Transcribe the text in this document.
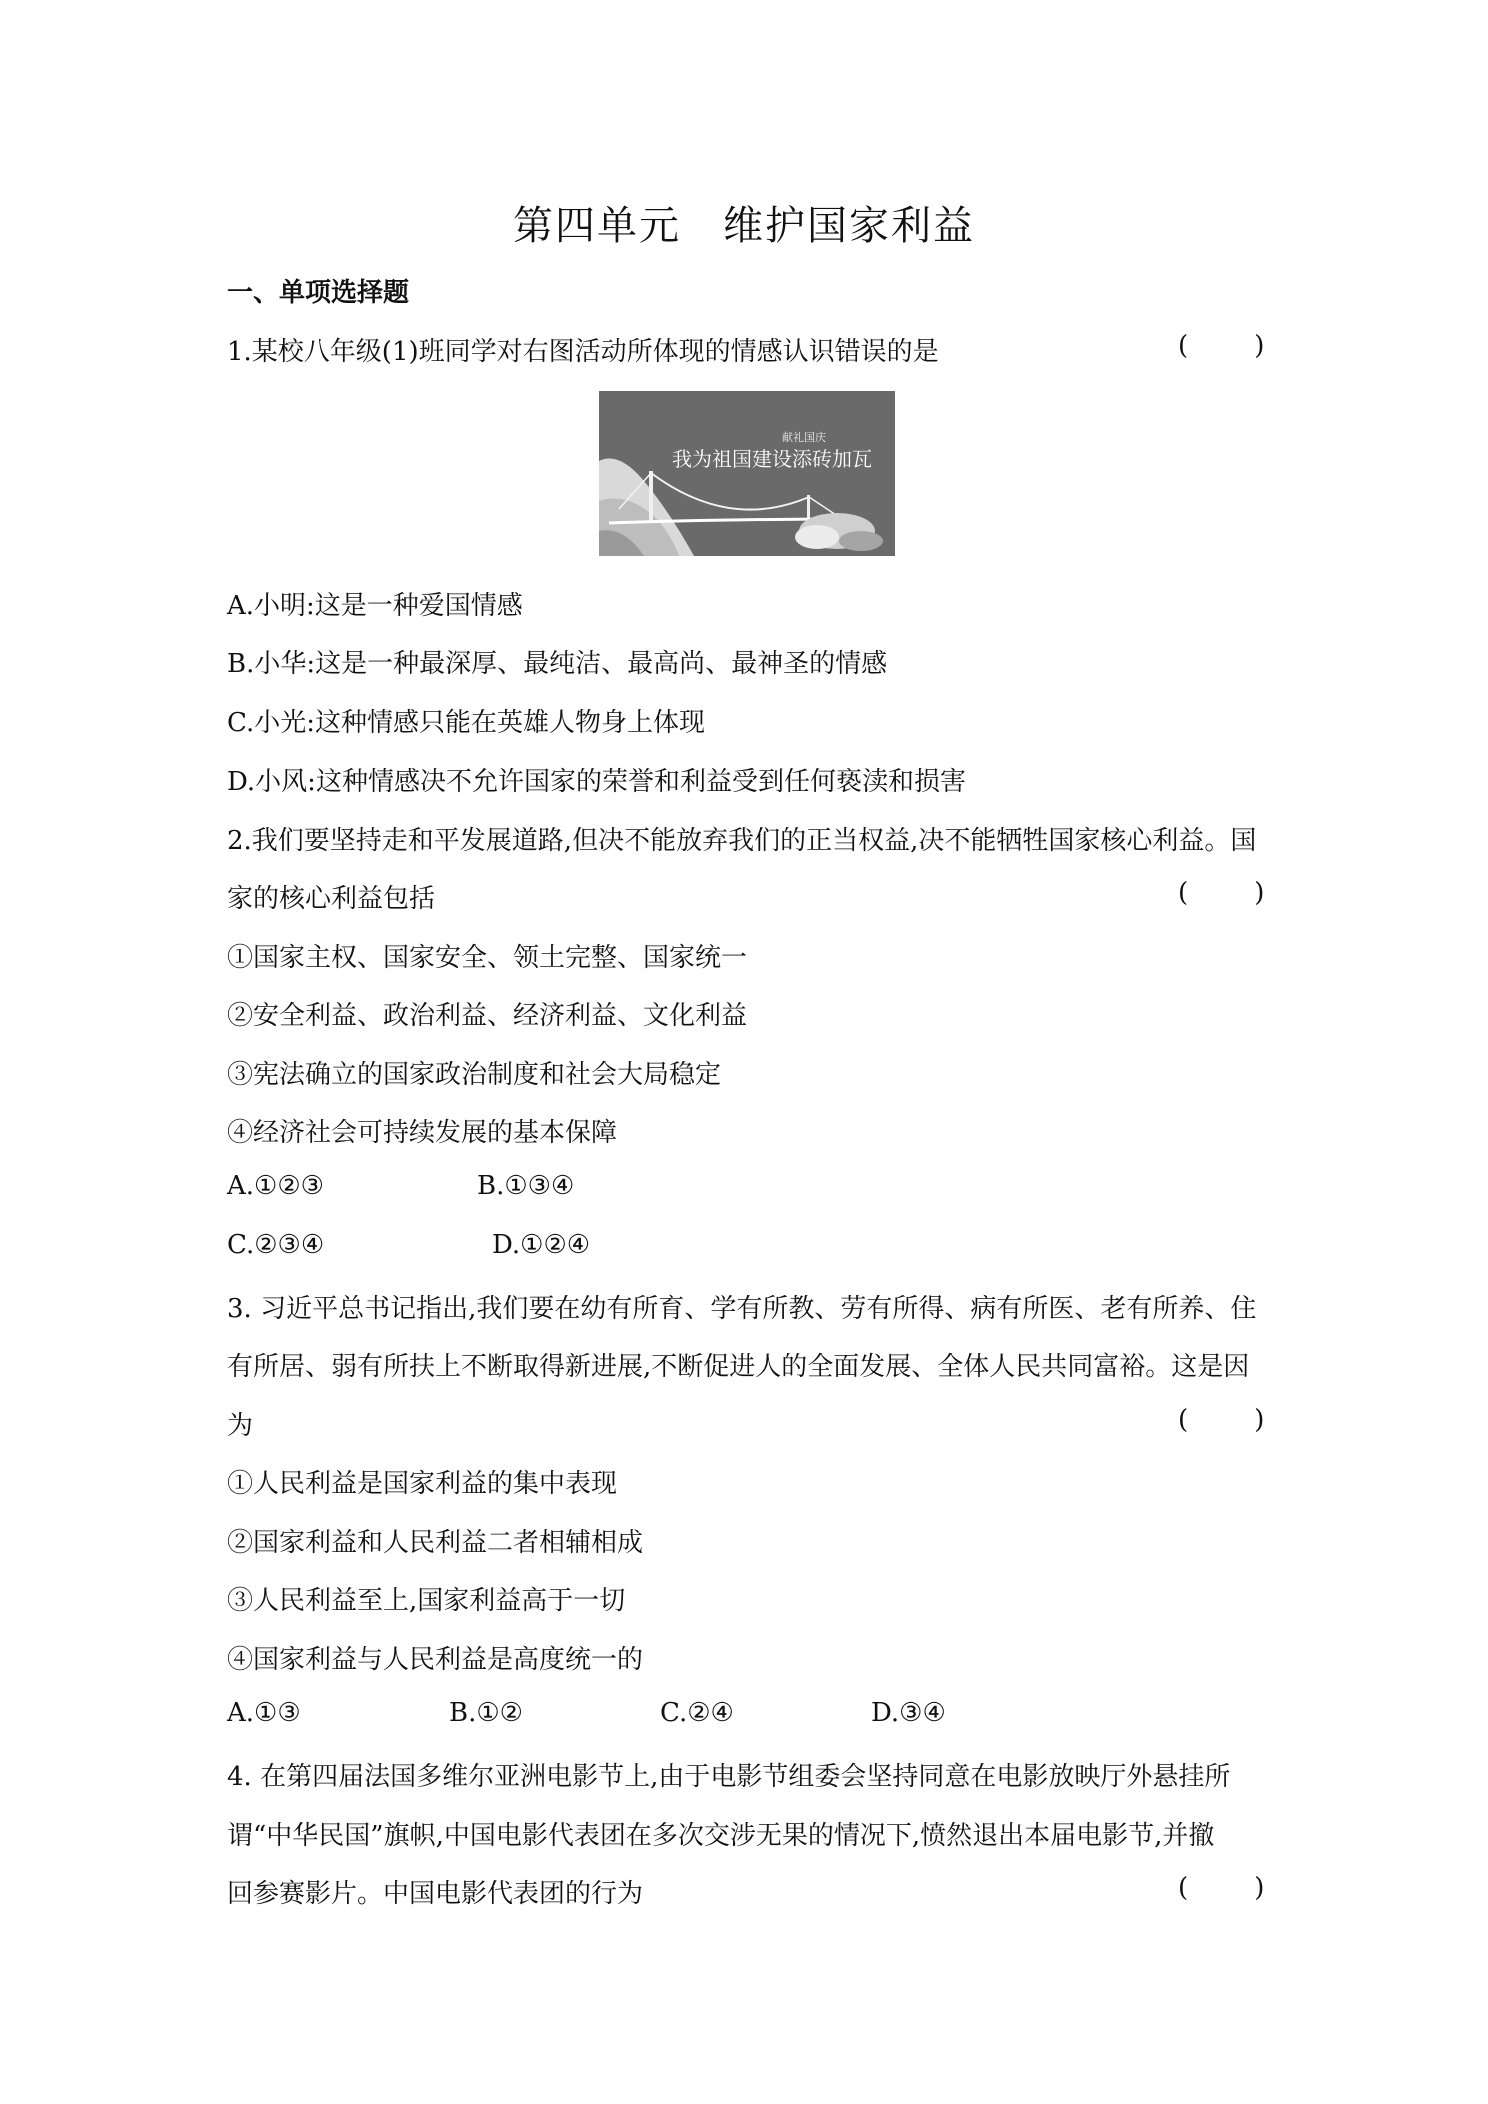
第四单元 维护国家利益
一、单项选择题
1.某校八年级(1)班同学对右图活动所体现的情感认识错误的是	(        )
献礼国庆
我为祖国建设添砖加瓦
A.小明:这是一种爱国情感
B.小华:这是一种最深厚、最纯洁、最高尚、最神圣的情感
C.小光:这种情感只能在英雄人物身上体现
D.小风:这种情感决不允许国家的荣誉和利益受到任何亵渎和损害
2.我们要坚持走和平发展道路,但决不能放弃我们的正当权益,决不能牺牲国家核心利益。国
家的核心利益包括	(        )
①国家主权、国家安全、领土完整、国家统一
②安全利益、政治利益、经济利益、文化利益
③宪法确立的国家政治制度和社会大局稳定
④经济社会可持续发展的基本保障
A.①②③	B.①③④
C.②③④	D.①②④
3. 习近平总书记指出,我们要在幼有所育、学有所教、劳有所得、病有所医、老有所养、住
有所居、弱有所扶上不断取得新进展,不断促进人的全面发展、全体人民共同富裕。这是因
为	(        )
①人民利益是国家利益的集中表现
②国家利益和人民利益二者相辅相成
③人民利益至上,国家利益高于一切
④国家利益与人民利益是高度统一的
A.①③	B.①②	C.②④	D.③④
4. 在第四届法国多维尔亚洲电影节上,由于电影节组委会坚持同意在电影放映厅外悬挂所
谓“中华民国”旗帜,中国电影代表团在多次交涉无果的情况下,愤然退出本届电影节,并撤
回参赛影片。中国电影代表团的行为	(        )
